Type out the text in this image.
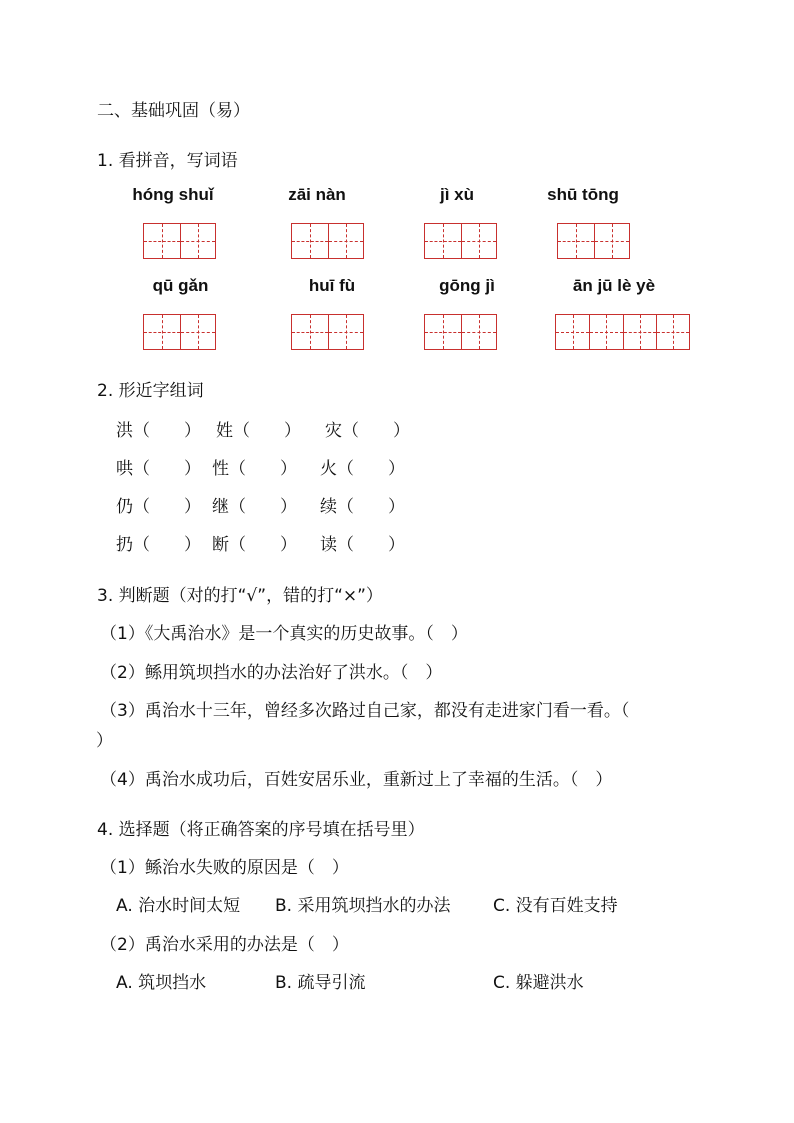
二、基础巩固（易）
1. 看拼音，写词语
hóng shuǐ	zāi nàn	jì xù	shū tōng
qū gǎn	huī fù	gōng jì	ān jū lè yè
2. 形近字组词
洪（　　） 姓（　　） 灾（　　）
哄（　　） 性（　　） 火（　　）
仍（　　） 继（　　） 续（　　）
扔（　　） 断（　　） 读（　　）
3. 判断题（对的打“√”，错的打“×”）
（1）《大禹治水》是一个真实的历史故事。（　）
（2）鲧用筑坝挡水的办法治好了洪水。（　）
（3）禹治水十三年，曾经多次路过自己家，都没有走进家门看一看。（
）
（4）禹治水成功后，百姓安居乐业，重新过上了幸福的生活。（　）
4. 选择题（将正确答案的序号填在括号里）
（1）鲧治水失败的原因是（　）
A. 治水时间太短 B. 采用筑坝挡水的办法	C. 没有百姓支持
（2）禹治水采用的办法是（　）
A. 筑坝挡水	B. 疏导引流	C. 躲避洪水
